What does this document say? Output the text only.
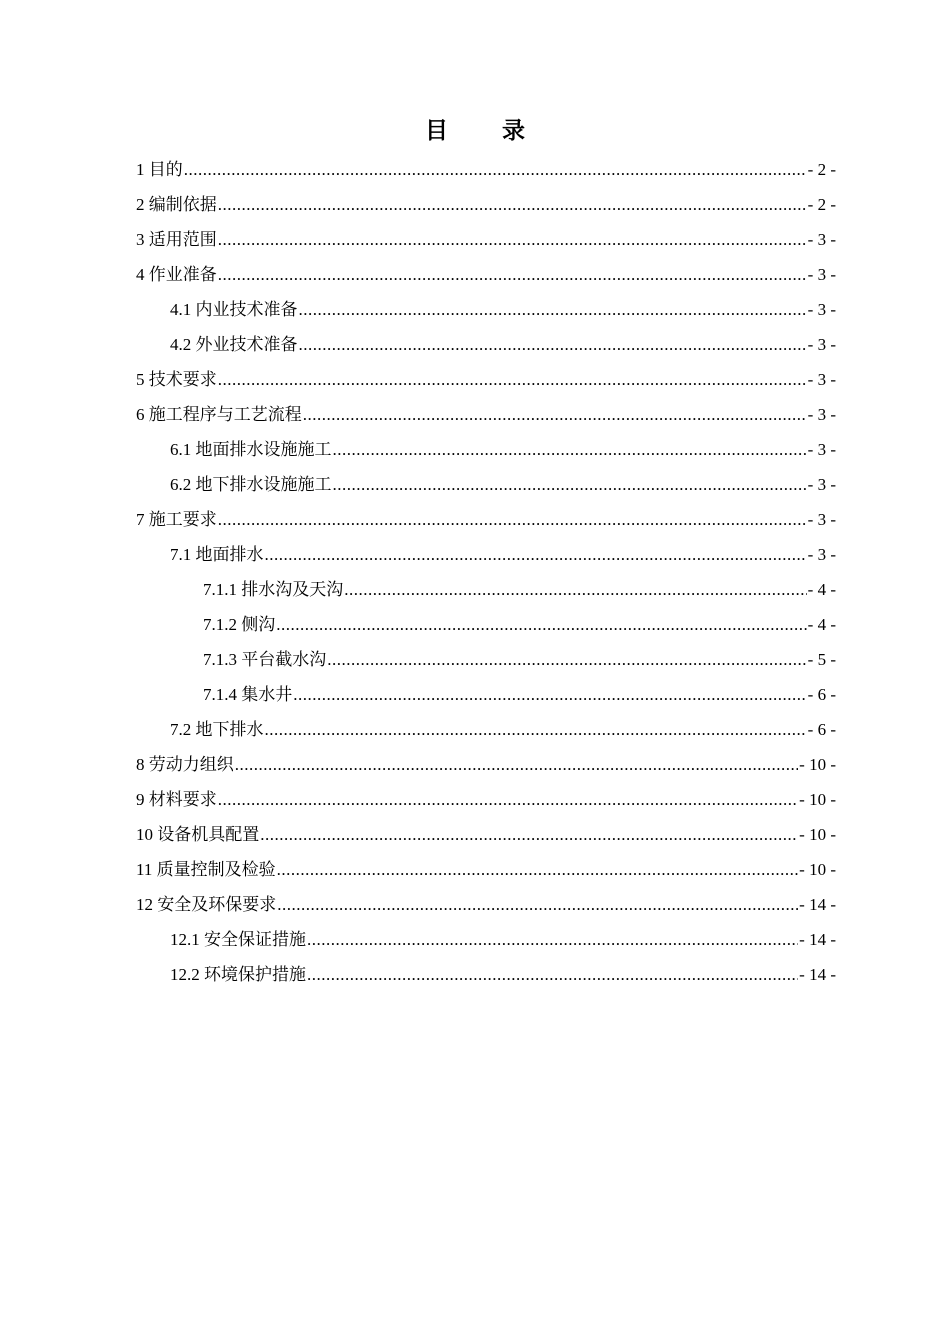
目 录
1 目的 .....	- 2 -
2 编制依据 .....	- 2 -
3 适用范围 .....	- 3 -
4 作业准备 .....	- 3 -
4.1 内业技术准备 .....	- 3 -
4.2 外业技术准备 .....	- 3 -
5 技术要求 .....	- 3 -
6 施工程序与工艺流程 .....	- 3 -
6.1 地面排水设施施工 .....	- 3 -
6.2 地下排水设施施工 .....	- 3 -
7 施工要求 .....	- 3 -
7.1 地面排水 .....	- 3 -
7.1.1 排水沟及天沟 .....	- 4 -
7.1.2 侧沟 .....	- 4 -
7.1.3 平台截水沟 .....	- 5 -
7.1.4 集水井 .....	- 6 -
7.2 地下排水 .....	- 6 -
8 劳动力组织 .....	- 10 -
9 材料要求 .....	- 10 -
10 设备机具配置 .....	- 10 -
11 质量控制及检验 .....	- 10 -
12 安全及环保要求 .....	- 14 -
12.1 安全保证措施 .....	- 14 -
12.2 环境保护措施 .....	- 14 -
